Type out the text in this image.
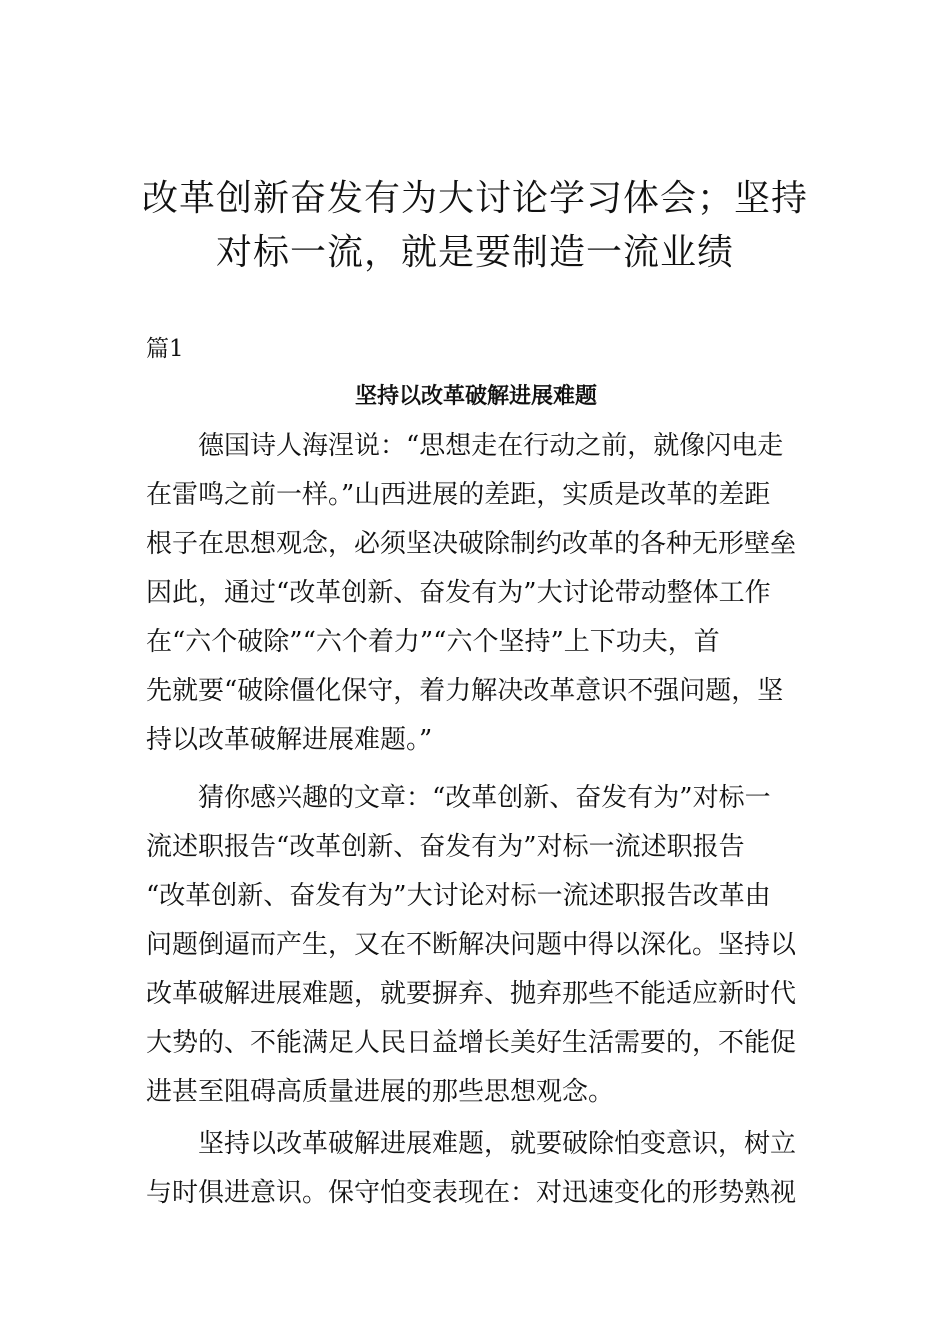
改革创新奋发有为大讨论学习体会；坚持
对标一流，就是要制造一流业绩
篇1
坚持以改革破解进展难题

德国诗人海涅说：“思想走在行动之前，就像闪电走
在雷鸣之前一样。”山西进展的差距，实质是改革的差距
根子在思想观念，必须坚决破除制约改革的各种无形壁垒
因此，通过“改革创新、奋发有为”大讨论带动整体工作
在“六个破除”“六个着力”“六个坚持”上下功夫，首
先就要“破除僵化保守，着力解决改革意识不强问题，坚
持以改革破解进展难题。”

猜你感兴趣的文章：“改革创新、奋发有为”对标一
流述职报告“改革创新、奋发有为”对标一流述职报告
“改革创新、奋发有为”大讨论对标一流述职报告改革由
问题倒逼而产生，又在不断解决问题中得以深化。坚持以
改革破解进展难题，就要摒弃、抛弃那些不能适应新时代
大势的、不能满足人民日益增长美好生活需要的，不能促
进甚至阻碍高质量进展的那些思想观念。

坚持以改革破解进展难题，就要破除怕变意识，树立
与时俱进意识。保守怕变表现在：对迅速变化的形势熟视
